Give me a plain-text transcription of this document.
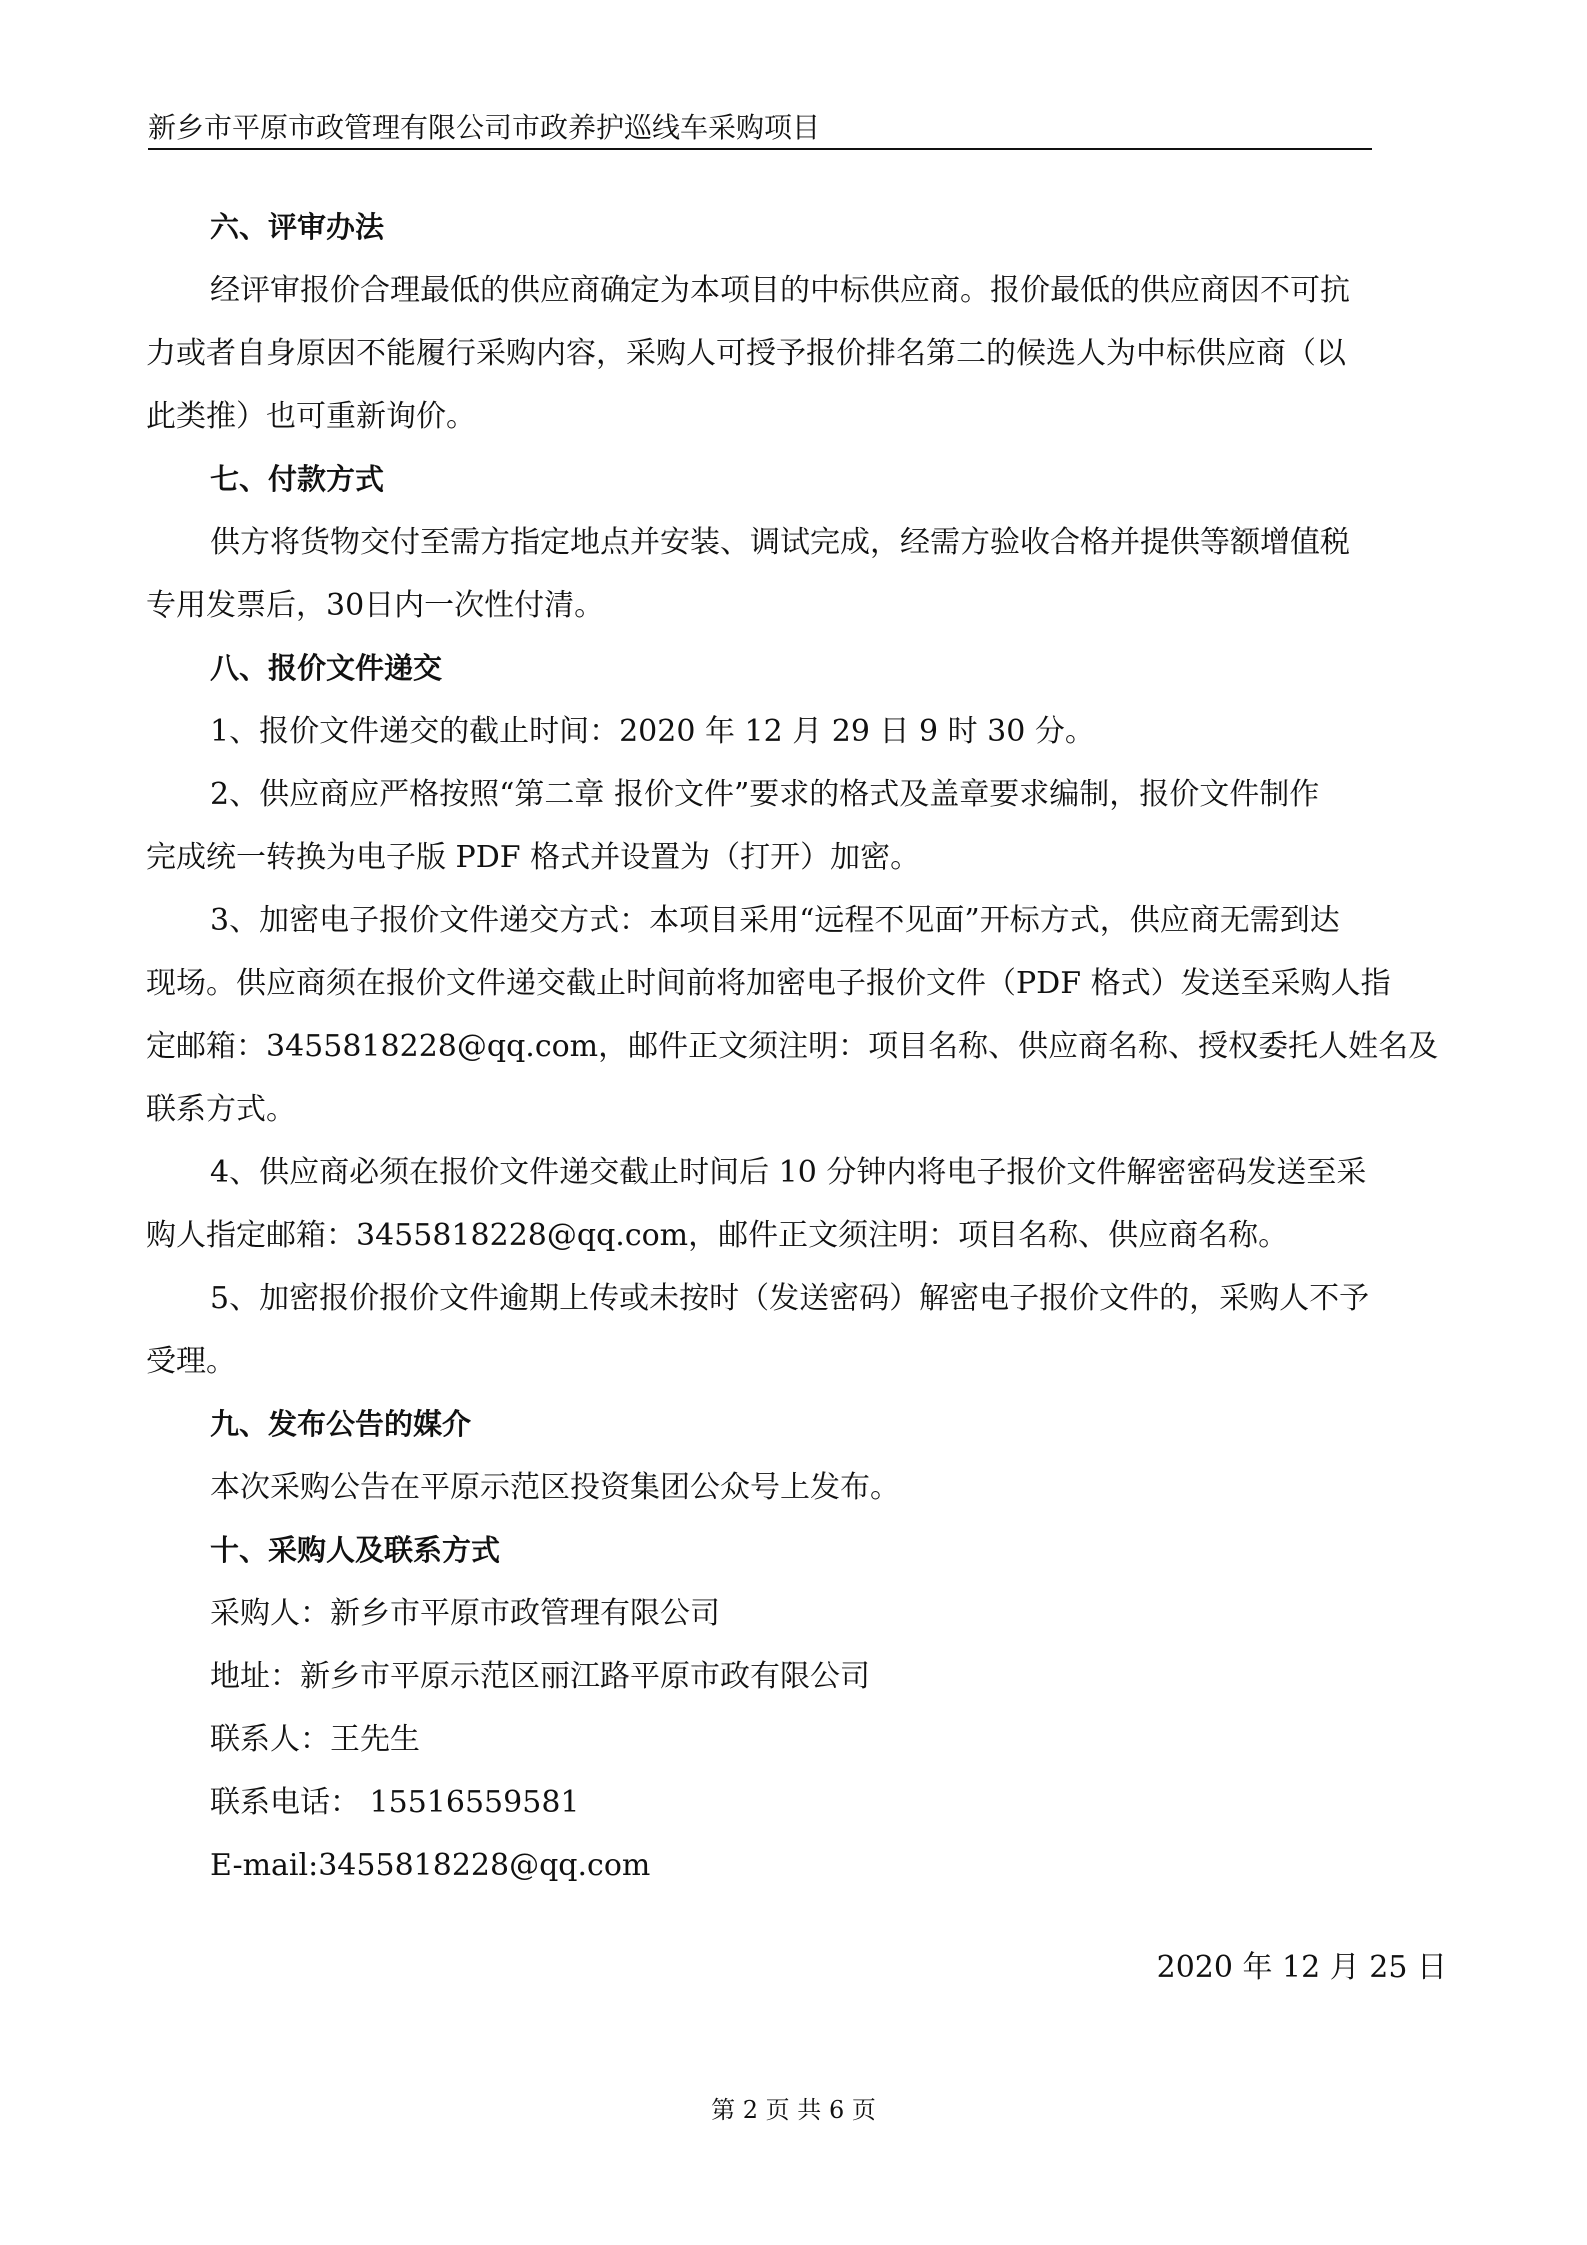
新乡市平原市政管理有限公司市政养护巡线车采购项目
六、评审办法
经评审报价合理最低的供应商确定为本项目的中标供应商。报价最低的供应商因不可抗
力或者自身原因不能履行采购内容，采购人可授予报价排名第二的候选人为中标供应商（以
此类推）也可重新询价。
七、付款方式
供方将货物交付至需方指定地点并安装、调试完成，经需方验收合格并提供等额增值税
专用发票后，30日内一次性付清。
八、报价文件递交
1、报价文件递交的截止时间：2020 年 12 月 29 日 9 时 30 分。
2、供应商应严格按照“第二章 报价文件”要求的格式及盖章要求编制，报价文件制作
完成统一转换为电子版 PDF 格式并设置为（打开）加密。
3、加密电子报价文件递交方式：本项目采用“远程不见面”开标方式，供应商无需到达
现场。供应商须在报价文件递交截止时间前将加密电子报价文件（PDF 格式）发送至采购人指
定邮箱：3455818228@qq.com，邮件正文须注明：项目名称、供应商名称、授权委托人姓名及
联系方式。
4、供应商必须在报价文件递交截止时间后 10 分钟内将电子报价文件解密密码发送至采
购人指定邮箱：3455818228@qq.com，邮件正文须注明：项目名称、供应商名称。
5、加密报价报价文件逾期上传或未按时（发送密码）解密电子报价文件的，采购人不予
受理。
九、发布公告的媒介
本次采购公告在平原示范区投资集团公众号上发布。
十、采购人及联系方式
采购人：新乡市平原市政管理有限公司
地址：新乡市平原示范区丽江路平原市政有限公司
联系人：王先生
联系电话： 15516559581
E-mail:3455818228@qq.com
2020 年 12 月 25 日
第 2 页 共 6 页
